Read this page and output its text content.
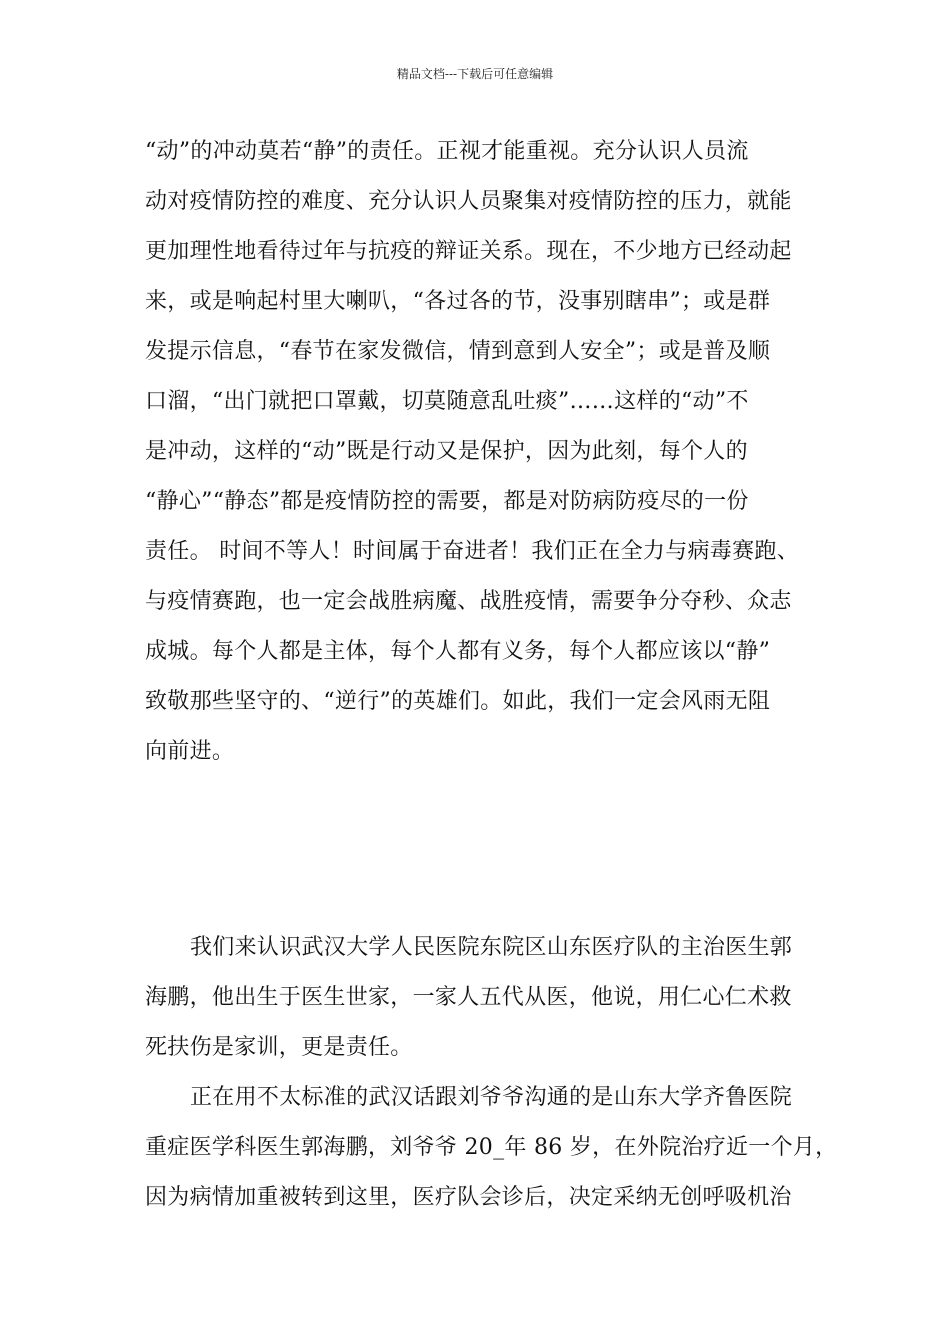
精品文档---下载后可任意编辑
“动”的冲动莫若“静”的责任。正视才能重视。充分认识人员流
动对疫情防控的难度、充分认识人员聚集对疫情防控的压力，就能
更加理性地看待过年与抗疫的辩证关系。现在，不少地方已经动起
来，或是响起村里大喇叭，“各过各的节，没事别瞎串”；或是群
发提示信息，“春节在家发微信，情到意到人安全”；或是普及顺
口溜，“出门就把口罩戴，切莫随意乱吐痰”……这样的“动”不
是冲动，这样的“动”既是行动又是保护，因为此刻，每个人的
“静心”“静态”都是疫情防控的需要，都是对防病防疫尽的一份
责任。 时间不等人！时间属于奋进者！我们正在全力与病毒赛跑、
与疫情赛跑，也一定会战胜病魔、战胜疫情，需要争分夺秒、众志
成城。每个人都是主体，每个人都有义务，每个人都应该以“静”
致敬那些坚守的、“逆行”的英雄们。如此，我们一定会风雨无阻
向前进。
我们来认识武汉大学人民医院东院区山东医疗队的主治医生郭
海鹏，他出生于医生世家，一家人五代从医，他说，用仁心仁术救
死扶伤是家训，更是责任。
正在用不太标准的武汉话跟刘爷爷沟通的是山东大学齐鲁医院
重症医学科医生郭海鹏，刘爷爷 20_年 86 岁，在外院治疗近一个月，
因为病情加重被转到这里，医疗队会诊后，决定采纳无创呼吸机治
